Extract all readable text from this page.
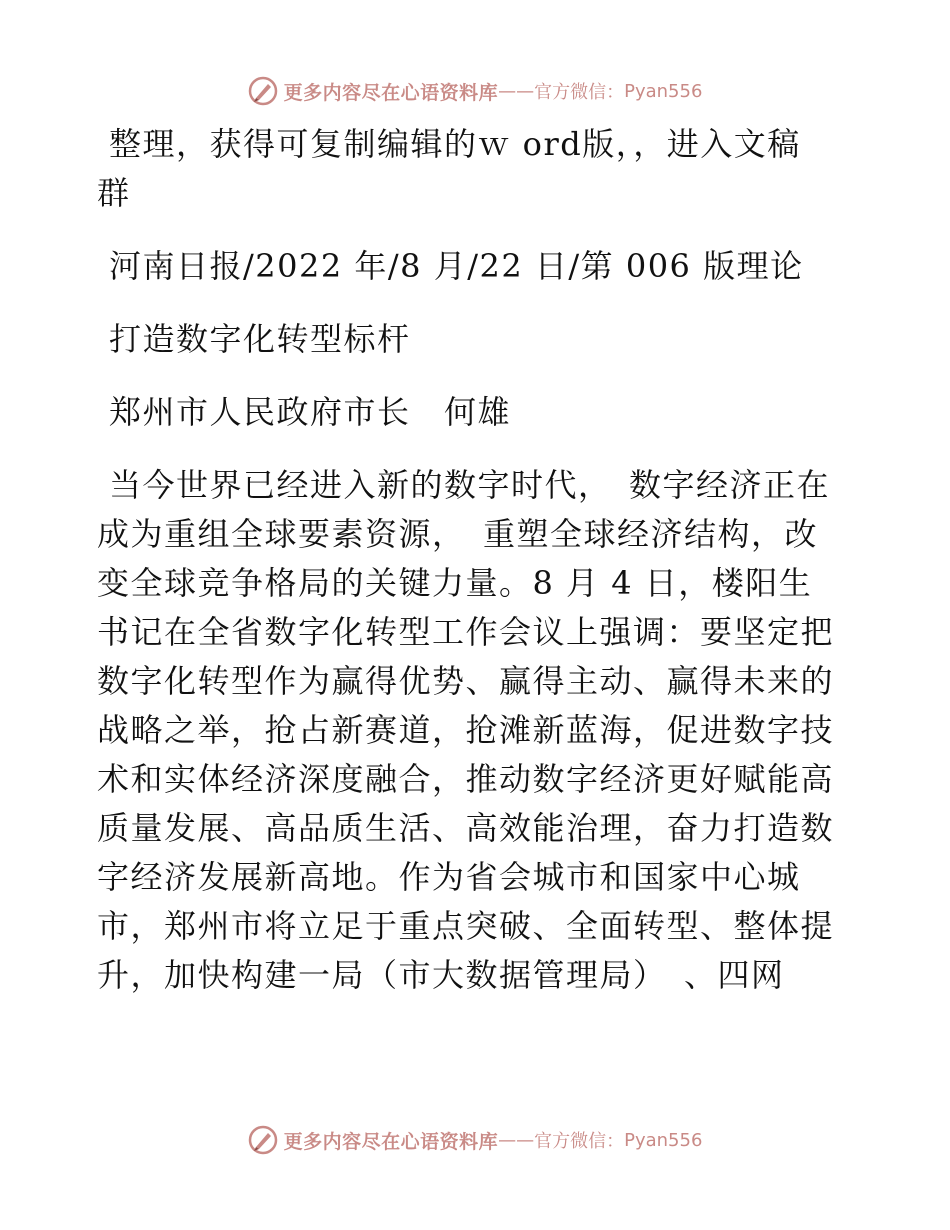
更多内容尽在心语资料库 —— 官方微信： Pyan556
整理，获得可复制编辑的ｗ ord版，，进入文稿
群
河南日报/2022 年/8 月/22 日/第 006 版理论
打造数字化转型标杆
郑州市人民政府市长　何雄
当今世界已经进入新的数字时代，　数字经济正在
成为重组全球要素资源，　重塑全球经济结构，改
变全球竞争格局的关键力量。8 月 4 日，楼阳生
书记在全省数字化转型工作会议上强调：要坚定把
数字化转型作为赢得优势、赢得主动、赢得未来的
战略之举，抢占新赛道，抢滩新蓝海，促进数字技
术和实体经济深度融合，推动数字经济更好赋能高
质量发展、高品质生活、高效能治理，奋力打造数
字经济发展新高地。作为省会城市和国家中心城
市，郑州市将立足于重点突破、全面转型、整体提
升，加快构建一局（市大数据管理局）　、四网
更多内容尽在心语资料库 —— 官方微信： Pyan556
